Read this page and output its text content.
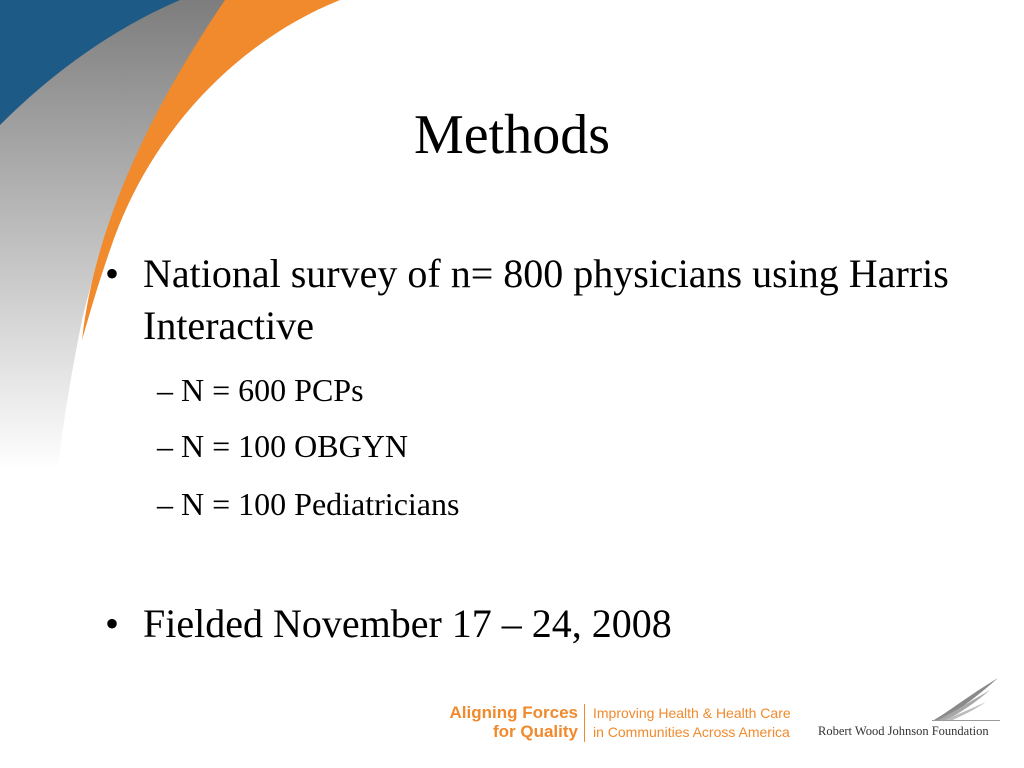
Methods
• National survey of n= 800 physicians using Harris Interactive
– N = 600 PCPs
– N = 100 OBGYN
– N = 100 Pediatricians
• Fielded November 17 – 24, 2008
Aligning Forces
for Quality
Improving Health & Health Care
in Communities Across America	Robert Wood Johnson Foundation
